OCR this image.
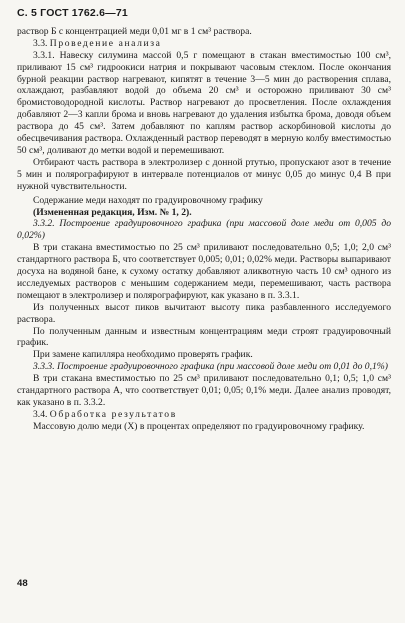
С. 5 ГОСТ 1762.6—71

раствор Б с концентрацией меди 0,01 мг в 1 см³ раствора.

3.3. Проведение анализа

3.3.1. Навеску силумина массой 0,5 г помещают в стакан вместимостью 100 см³, приливают 15 см³ гидроокиси натрия и покрывают часовым стеклом. После окончания бурной реакции раствор нагревают, кипятят в течение 3—5 мин до растворения сплава, охлаждают, разбавляют водой до объема 20 см³ и осторожно приливают 30 см³ бромистоводородной кислоты. Раствор нагревают до просветления. После охлаждения добавляют 2—3 капли брома и вновь нагревают до удаления избытка брома, доводя объем раствора до 45 см³. Затем добавляют по каплям раствор аскорбиновой кислоты до обесцвечивания раствора. Охлажденный раствор переводят в мерную колбу вместимостью 50 см³, доливают до метки водой и перемешивают.

Отбирают часть раствора в электролизер с донной ртутью, пропускают азот в течение 5 мин и полярографируют в интервале потенциалов от минус 0,05 до минус 0,4 В при нужной чувствительности.

Содержание меди находят по градуировочному графику

(Измененная редакция, Изм. № 1, 2).

3.3.2. Построение градуировочного графика (при массовой доле меди от 0,005 до 0,02%)

В три стакана вместимостью по 25 см³ приливают последовательно 0,5; 1,0; 2,0 см³ стандартного раствора Б, что соответствует 0,005; 0,01; 0,02% меди. Растворы выпаривают досуха на водяной бане, к сухому остатку добавляют аликвотную часть 10 см³ одного из исследуемых растворов с меньшим содержанием меди, перемешивают, часть раствора помещают в электролизер и полярографируют, как указано в п. 3.3.1.

Из полученных высот пиков вычитают высоту пика разбавленного исследуемого раствора.

По полученным данным и известным концентрациям меди строят градуировочный график.

При замене капилляра необходимо проверять график.

3.3.3. Построение градуировочного графика (при массовой доле меди от 0,01 до 0,1%)

В три стакана вместимостью по 25 см³ приливают последовательно 0,1; 0,5; 1,0 см³ стандартного раствора А, что соответствует 0,01; 0,05; 0,1% меди. Далее анализ проводят, как указано в п. 3.3.2.

3.4. Обработка результатов

Массовую долю меди (X) в процентах определяют по градуировочному графику.

48
